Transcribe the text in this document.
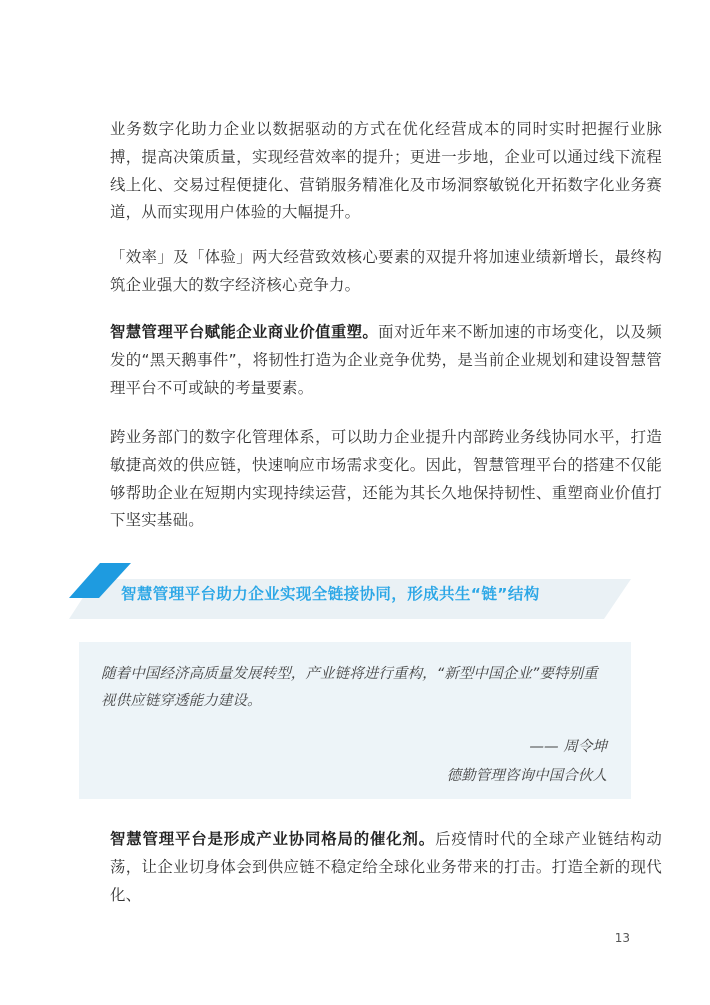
业务数字化助力企业以数据驱动的方式在优化经营成本的同时实时把握行业脉搏，提高决策质量，实现经营效率的提升；更进一步地，企业可以通过线下流程线上化、交易过程便捷化、营销服务精准化及市场洞察敏锐化开拓数字化业务赛道，从而实现用户体验的大幅提升。

「效率」及「体验」两大经营致效核心要素的双提升将加速业绩新增长，最终构筑企业强大的数字经济核心竞争力。

智慧管理平台赋能企业商业价值重塑。面对近年来不断加速的市场变化，以及频发的“黑天鹅事件”，将韧性打造为企业竞争优势，是当前企业规划和建设智慧管理平台不可或缺的考量要素。

跨业务部门的数字化管理体系，可以助力企业提升内部跨业务线协同水平，打造敏捷高效的供应链，快速响应市场需求变化。因此，智慧管理平台的搭建不仅能够帮助企业在短期内实现持续运营，还能为其长久地保持韧性、重塑商业价值打下坚实基础。

智慧管理平台助力企业实现全链接协同，形成共生“链”结构
随着中国经济高质量发展转型，产业链将进行重构，“新型中国企业”要特别重视供应链穿透能力建设。
—— 周令坤
德勤管理咨询中国合伙人

智慧管理平台是形成产业协同格局的催化剂。后疫情时代的全球产业链结构动荡，让企业切身体会到供应链不稳定给全球化业务带来的打击。打造全新的现代化、

13
